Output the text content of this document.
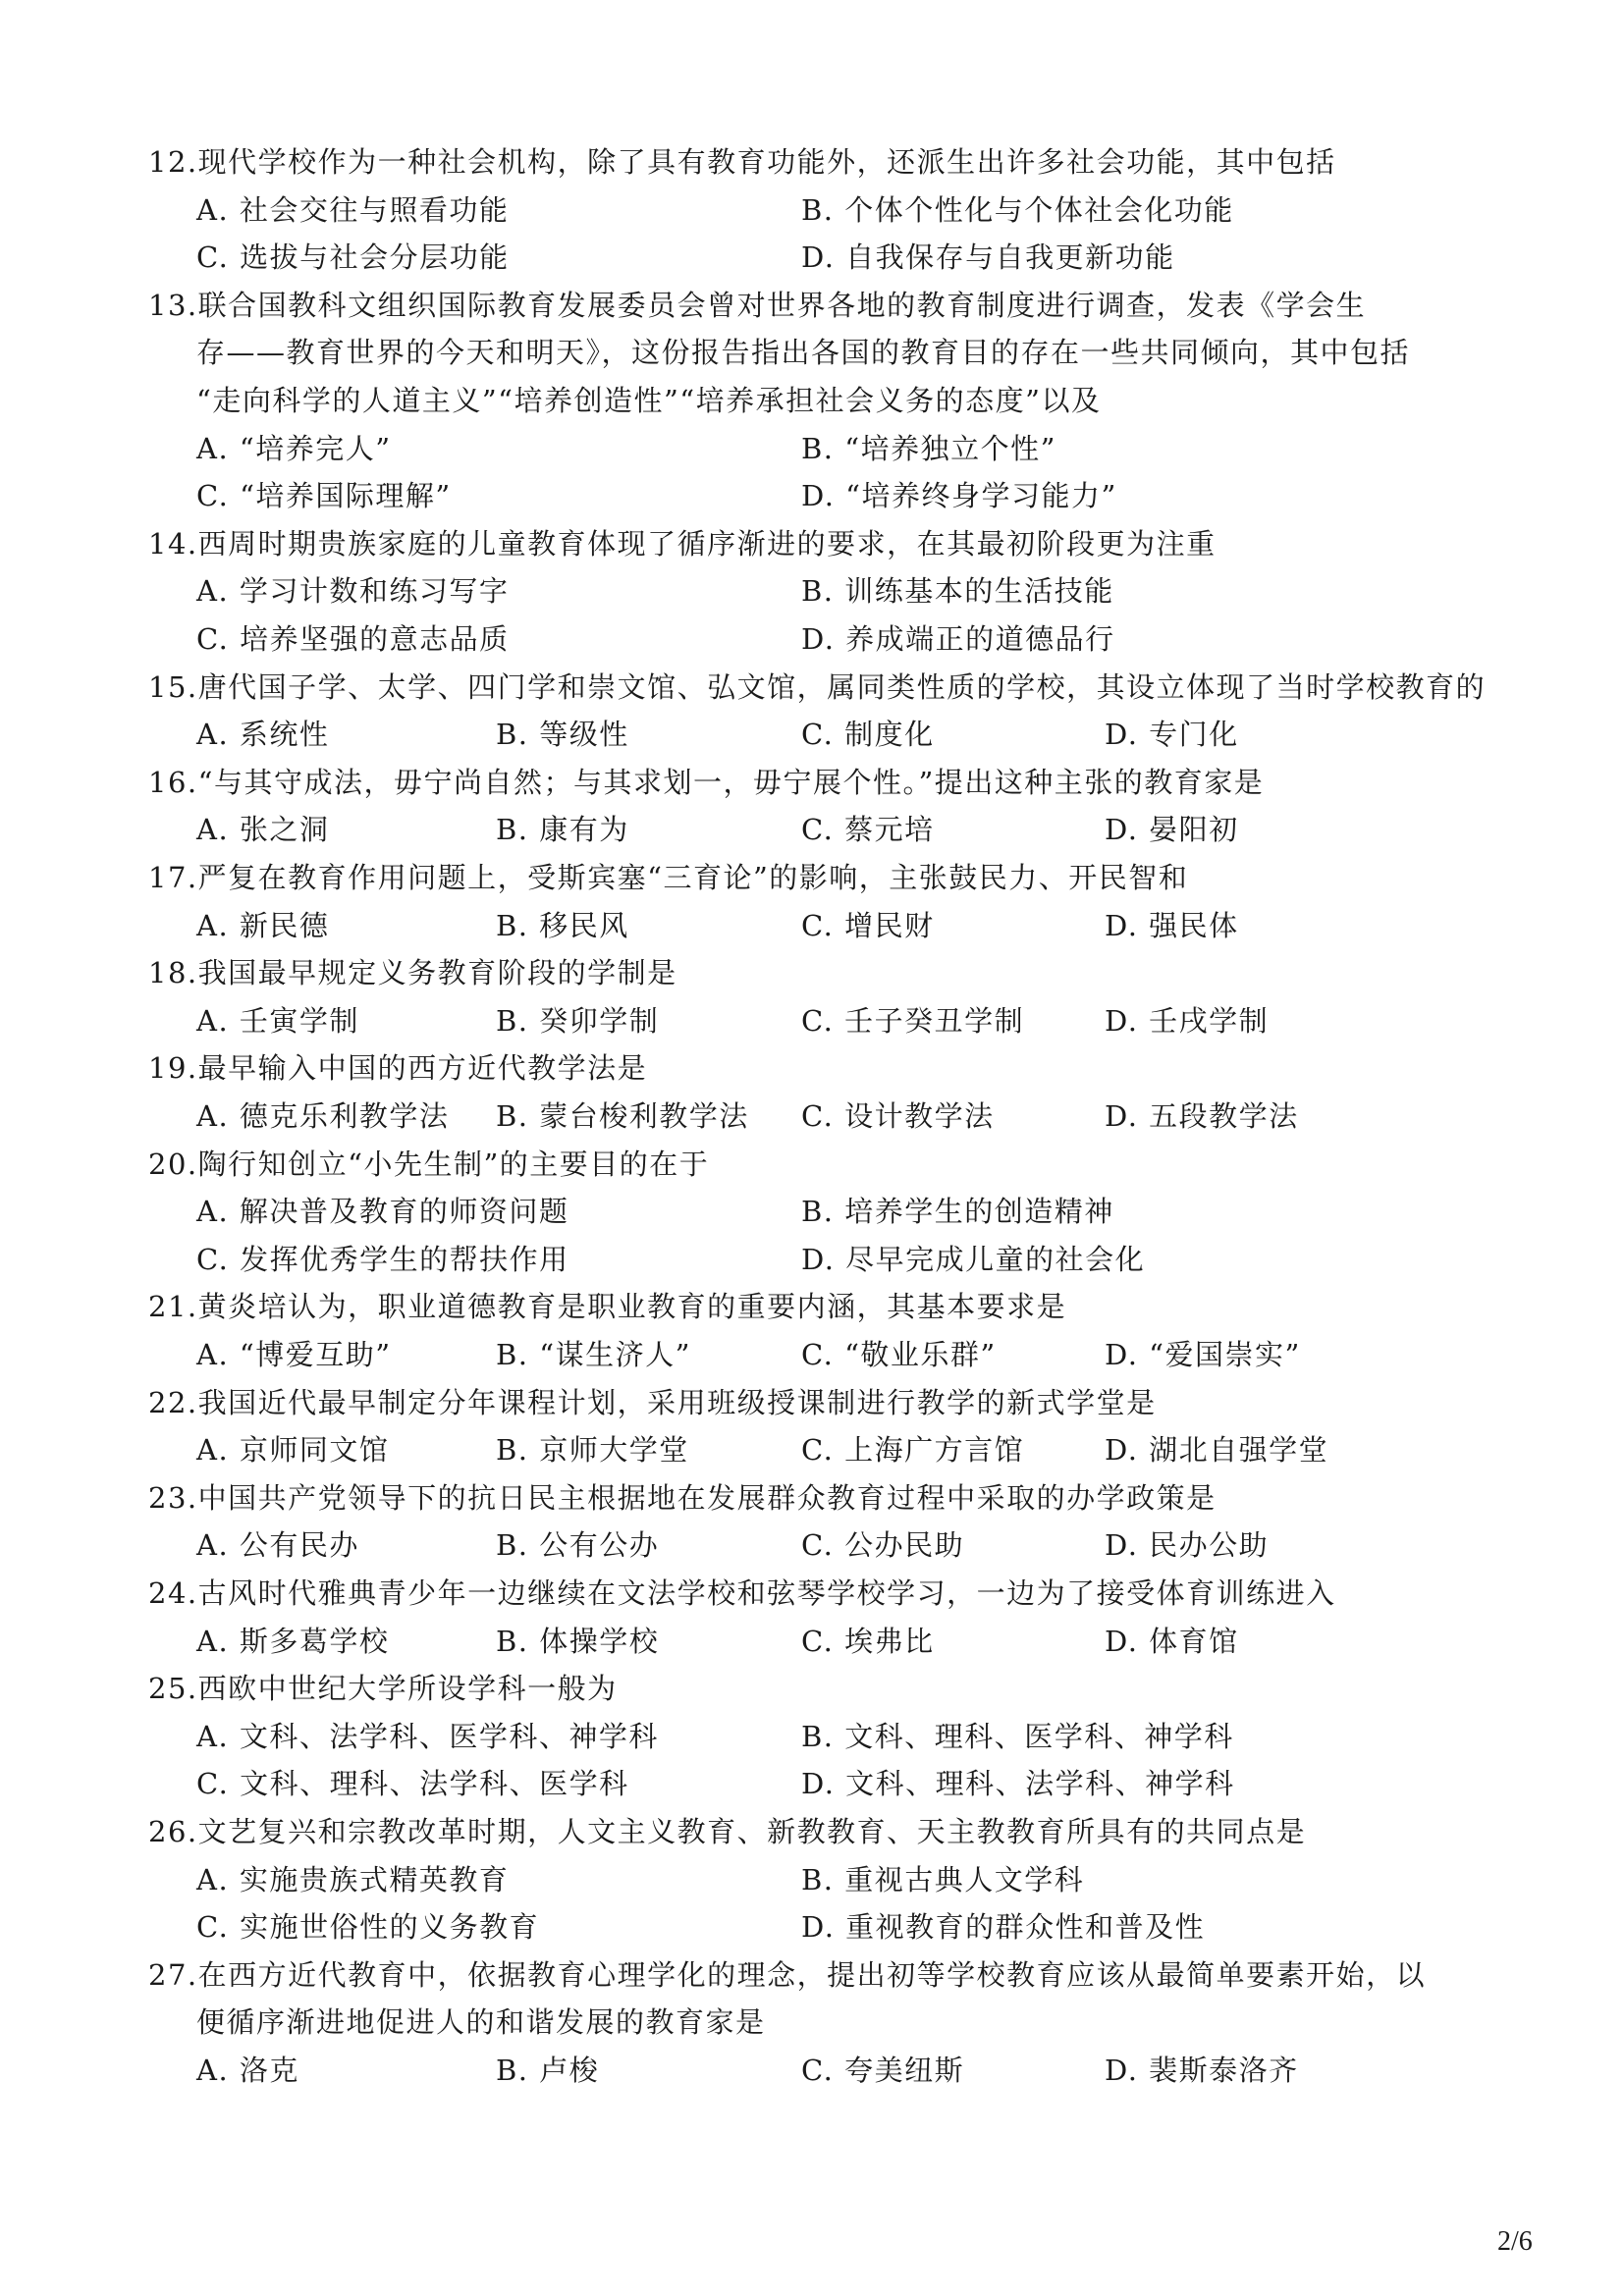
12.现代学校作为一种社会机构，除了具有教育功能外，还派生出许多社会功能，其中包括
A. 社会交往与照看功能	B. 个体个性化与个体社会化功能
C. 选拔与社会分层功能	D. 自我保存与自我更新功能
13.联合国教科文组织国际教育发展委员会曾对世界各地的教育制度进行调查，发表《学会生
存——教育世界的今天和明天》，这份报告指出各国的教育目的存在一些共同倾向，其中包括
“走向科学的人道主义”“培养创造性”“培养承担社会义务的态度”以及
A. “培养完人”	B. “培养独立个性”
C. “培养国际理解”	D. “培养终身学习能力”
14.西周时期贵族家庭的儿童教育体现了循序渐进的要求，在其最初阶段更为注重
A. 学习计数和练习写字	B. 训练基本的生活技能
C. 培养坚强的意志品质	D. 养成端正的道德品行
15.唐代国子学、太学、四门学和崇文馆、弘文馆，属同类性质的学校，其设立体现了当时学校教育的
A. 系统性	B. 等级性	C. 制度化	D. 专门化
16.“与其守成法，毋宁尚自然；与其求划一，毋宁展个性。”提出这种主张的教育家是
A. 张之洞	B. 康有为	C. 蔡元培	D. 晏阳初
17.严复在教育作用问题上，受斯宾塞“三育论”的影响，主张鼓民力、开民智和
A. 新民德	B. 移民风	C. 增民财	D. 强民体
18.我国最早规定义务教育阶段的学制是
A. 壬寅学制	B. 癸卯学制	C. 壬子癸丑学制	D. 壬戌学制
19.最早输入中国的西方近代教学法是
A. 德克乐利教学法 B. 蒙台梭利教学法 C. 设计教学法	D. 五段教学法
20.陶行知创立“小先生制”的主要目的在于
A. 解决普及教育的师资问题	B. 培养学生的创造精神
C. 发挥优秀学生的帮扶作用	D. 尽早完成儿童的社会化
21.黄炎培认为，职业道德教育是职业教育的重要内涵，其基本要求是
A. “博爱互助”	B. “谋生济人”	C. “敬业乐群”	D. “爱国崇实”
22.我国近代最早制定分年课程计划，采用班级授课制进行教学的新式学堂是
A. 京师同文馆	B. 京师大学堂	C. 上海广方言馆	D. 湖北自强学堂
23.中国共产党领导下的抗日民主根据地在发展群众教育过程中采取的办学政策是
A. 公有民办	B. 公有公办	C. 公办民助	D. 民办公助
24.古风时代雅典青少年一边继续在文法学校和弦琴学校学习，一边为了接受体育训练进入
A. 斯多葛学校	B. 体操学校	C. 埃弗比	D. 体育馆
25.西欧中世纪大学所设学科一般为
A. 文科、法学科、医学科、神学科	B. 文科、理科、医学科、神学科
C. 文科、理科、法学科、医学科	D. 文科、理科、法学科、神学科
26.文艺复兴和宗教改革时期，人文主义教育、新教教育、天主教教育所具有的共同点是
A. 实施贵族式精英教育	B. 重视古典人文学科
C. 实施世俗性的义务教育	D. 重视教育的群众性和普及性
27.在西方近代教育中，依据教育心理学化的理念，提出初等学校教育应该从最简单要素开始，以
便循序渐进地促进人的和谐发展的教育家是
A. 洛克	B. 卢梭	C. 夸美纽斯	D. 裴斯泰洛齐
2/6
